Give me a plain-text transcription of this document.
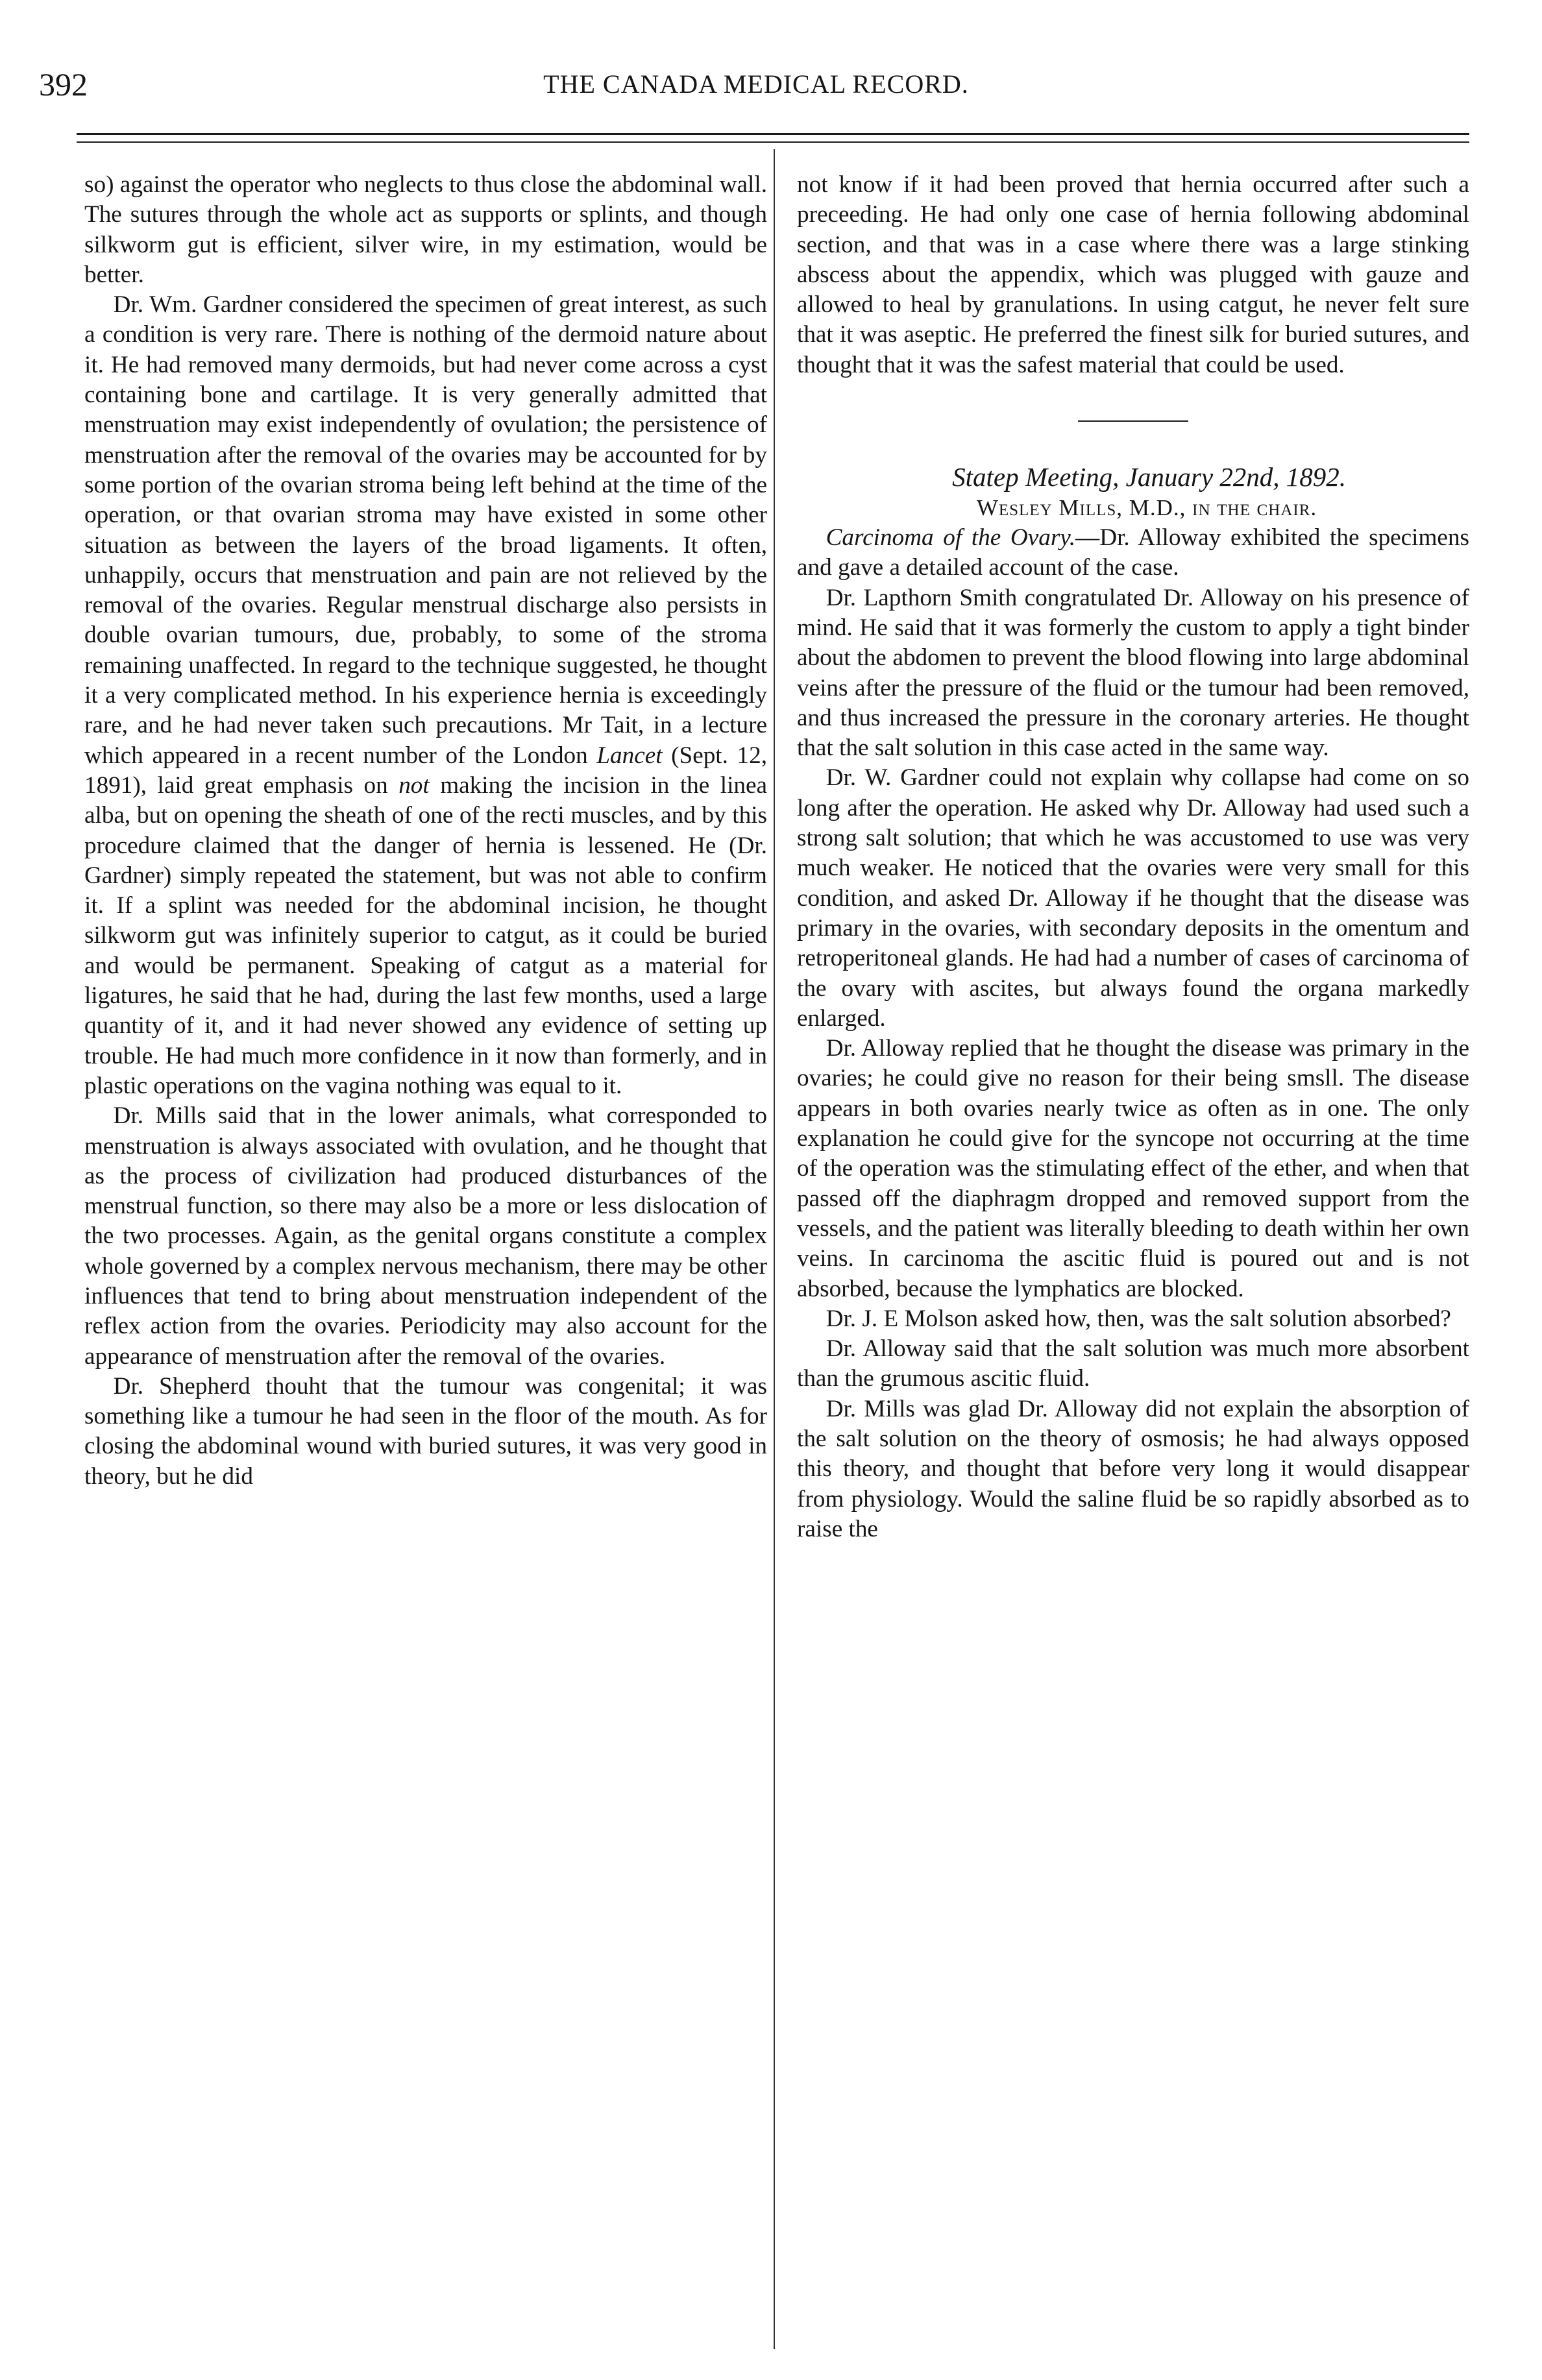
392	THE CANADA MEDICAL RECORD.

so) against the operator who neglects to thus close the abdominal wall. The sutures through the whole act as supports or splints, and though silkworm gut is efficient, silver wire, in my estimation, would be better.

Dr. Wm. Gardner considered the specimen of great interest, as such a condition is very rare. There is nothing of the dermoid nature about it. He had removed many dermoids, but had never come across a cyst containing bone and cartilage. It is very generally admitted that menstruation may exist independently of ovulation; the persistence of menstruation after the removal of the ovaries may be accounted for by some portion of the ovarian stroma being left behind at the time of the operation, or that ovarian stroma may have existed in some other situation as between the layers of the broad ligaments. It often, unhappily, occurs that menstruation and pain are not relieved by the removal of the ovaries. Regular menstrual discharge also persists in double ovarian tumours, due, probably, to some of the stroma remaining unaffected. In regard to the technique suggested, he thought it a very complicated method. In his experience hernia is exceedingly rare, and he had never taken such precautions. Mr Tait, in a lecture which appeared in a recent number of the London Lancet (Sept. 12, 1891), laid great emphasis on not making the incision in the linea alba, but on opening the sheath of one of the recti muscles, and by this procedure claimed that the danger of hernia is lessened. He (Dr. Gardner) simply repeated the statement, but was not able to confirm it. If a splint was needed for the abdominal incision, he thought silkworm gut was infinitely superior to catgut, as it could be buried and would be permanent. Speaking of catgut as a material for ligatures, he said that he had, during the last few months, used a large quantity of it, and it had never showed any evidence of setting up trouble. He had much more confidence in it now than formerly, and in plastic operations on the vagina nothing was equal to it.

Dr. Mills said that in the lower animals, what corresponded to menstruation is always associated with ovulation, and he thought that as the process of civilization had produced disturbances of the menstrual function, so there may also be a more or less dislocation of the two processes. Again, as the genital organs constitute a complex whole governed by a complex nervous mechanism, there may be other influences that tend to bring about menstruation independent of the reflex action from the ovaries. Periodicity may also account for the appearance of menstruation after the removal of the ovaries.

Dr. Shepherd thouht that the tumour was congenital; it was something like a tumour he had seen in the floor of the mouth. As for closing the abdominal wound with buried sutures, it was very good in theory, but he did

not know if it had been proved that hernia occurred after such a preceeding. He had only one case of hernia following abdominal section, and that was in a case where there was a large stinking abscess about the appendix, which was plugged with gauze and allowed to heal by granulations. In using catgut, he never felt sure that it was aseptic. He preferred the finest silk for buried sutures, and thought that it was the safest material that could be used.

Statep Meeting, January 22nd, 1892.

Wesley Mills, M.D., in the chair.

Carcinoma of the Ovary.—Dr. Alloway exhibited the specimens and gave a detailed account of the case.

Dr. Lapthorn Smith congratulated Dr. Alloway on his presence of mind. He said that it was formerly the custom to apply a tight binder about the abdomen to prevent the blood flowing into large abdominal veins after the pressure of the fluid or the tumour had been removed, and thus increased the pressure in the coronary arteries. He thought that the salt solution in this case acted in the same way.

Dr. W. Gardner could not explain why collapse had come on so long after the operation. He asked why Dr. Alloway had used such a strong salt solution; that which he was accustomed to use was very much weaker. He noticed that the ovaries were very small for this condition, and asked Dr. Alloway if he thought that the disease was primary in the ovaries, with secondary deposits in the omentum and retroperitoneal glands. He had had a number of cases of carcinoma of the ovary with ascites, but always found the organa markedly enlarged.

Dr. Alloway replied that he thought the disease was primary in the ovaries; he could give no reason for their being smsll. The disease appears in both ovaries nearly twice as often as in one. The only explanation he could give for the syncope not occurring at the time of the operation was the stimulating effect of the ether, and when that passed off the diaphragm dropped and removed support from the vessels, and the patient was literally bleeding to death within her own veins. In carcinoma the ascitic fluid is poured out and is not absorbed, because the lymphatics are blocked.

Dr. J. E Molson asked how, then, was the salt solution absorbed?

Dr. Alloway said that the salt solution was much more absorbent than the grumous ascitic fluid.

Dr. Mills was glad Dr. Alloway did not explain the absorption of the salt solution on the theory of osmosis; he had always opposed this theory, and thought that before very long it would disappear from physiology. Would the saline fluid be so rapidly absorbed as to raise the
